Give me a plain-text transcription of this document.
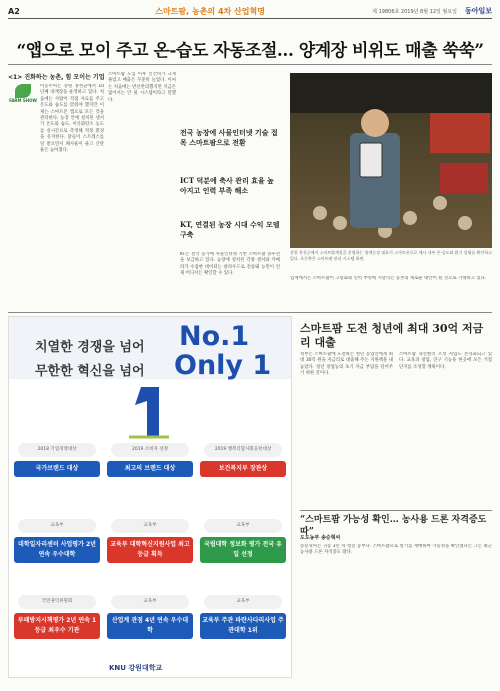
A2	스마트팜, 농촌의 4차 산업혁명	제 19806호 2019년 8월 12일 월요일 동아일보
“앱으로 모이 주고 온-습도 자동조절… 양계장 비위도 매출 쑥쑥”
<1> 진화하는 농촌, 힘 모이는 기업
FARM SHOW

이동주씨는 강원 홍천군에서 10년째 양계장을 운영하고 있다. 처음에는 사람이 직접 사료를 주고 온도와 습도를 맞춰야 했지만 이제는 스마트폰 앱으로 모든 것을 관리한다. 농장 안에 설치된 센서가 온도와 습도, 이산화탄소 농도를 실시간으로 측정해 적정 환경을 유지한다. 닭들이 스트레스를 덜 받으면서 폐사율이 줄고 산란율은 높아졌다.

스마트팜 도입 이후 인건비가 크게 줄었고 매출은 꾸준히 늘었다. 이씨는 처음에는 반신반의했지만 지금은 없어서는 안 될 시스템이라고 말했다.

전국 농장에 사물인터넷 기술 접목 스마트팜으로 전환
ICT 덕분에 축사 관리 효율 높아지고 인력 부족 해소
KT, 연결된 농장 시대 수익 모델 구축

KT는 전국 농가에 사물인터넷 기반 스마트팜 솔루션을 보급하고 있다. 농장에 설치된 각종 센서와 카메라가 수집한 데이터는 클라우드로 전송돼 농민이 언제 어디서든 확인할 수 있다.

강원 홍천군에서 스마트양계장을 운영하는 양계농장 대표가 스마트폰으로 계사 내부 온·습도와 환기 상태를 확인하고 있다. 오른쪽은 스마트팜 관리 시스템 화면.

업계에서는 스마트팜이 고령화와 인력 부족에 시달리는 농촌의 새로운 대안이 될 것으로 기대하고 있다.

치열한 경쟁을 넘어
무한한 혁신을 넘어
No.1
Only 1
2018 기업경영대상
국가브랜드 대상
2019 소비자 선정
최고의 브랜드 대상
2019 행복더함사회공헌대상
보건복지부 장관상
교육부
대학일자리센터 사업평가 2년 연속 우수대학
교육부
교육부 대학혁신지원사업 최고 등급 획득
교육부
국립대학 정보화 평가 전국 유일 선정
국민권익위원회
부패방지시책평가 2년 연속 1등급 최우수 기관
교육부
산업계 관점 4년 연속 우수대학
교육부
교육부 주관 파란사다리사업 주관대학 1위
KNU 강원대학교
스마트팜 도전 청년에 최대 30억 저금리 대출

정부는 스마트팜에 도전하는 청년 농업인에게 최대 30억 원을 저금리로 대출해 주는 지원책을 내놓았다. 청년 창업농의 초기 자금 부담을 덜어주기 위한 것이다.

스마트팜 혁신밸리 조성 사업도 본격화되고 있다. 교육과 창업, 연구 기능을 한곳에 모은 거점 단지를 조성할 계획이다.

“스마트팜 가능성 확인… 농사용 드론 자격증도 따”
도도농부 송승혁씨

송승혁씨는 귀농 3년 차 청년 농부다. 스마트팜으로 딸기를 재배하며 가능성을 확인했다는 그는 최근 농사용 드론 자격증도 땄다.
